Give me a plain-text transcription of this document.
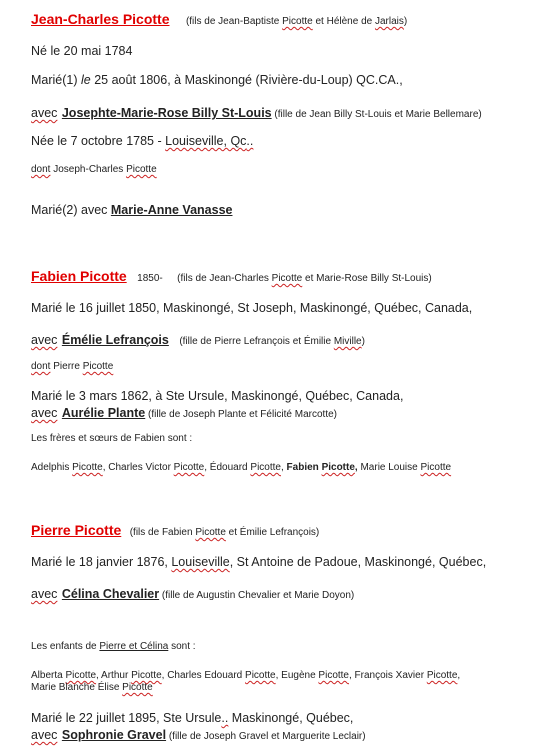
Jean-Charles Picotte (fils de Jean-Baptiste Picotte et Hélène de Jarlais)
Né le 20 mai 1784
Marié(1) le 25 août 1806, à Maskinongé (Rivière-du-Loup) QC.CA.,
avec Josephte-Marie-Rose Billy St-Louis (fille de Jean Billy St-Louis et Marie Bellemare)
Née le 7 octobre 1785 - Louiseville, Qc..
dont Joseph-Charles Picotte
Marié(2) avec Marie-Anne Vanasse
Fabien Picotte 1850- (fils de Jean-Charles Picotte et Marie-Rose Billy St-Louis)
Marié le 16 juillet 1850, Maskinongé, St Joseph, Maskinongé, Québec, Canada,
avec Émélie Lefrançois (fille de Pierre Lefrançois et Émilie Miville)
dont Pierre Picotte
Marié le 3 mars 1862, à Ste Ursule, Maskinongé, Québec, Canada,
avec Aurélie Plante (fille de Joseph Plante et Félicité Marcotte)
Les frères et sœurs de Fabien sont :
Adelphis Picotte, Charles Victor Picotte, Édouard Picotte, Fabien Picotte, Marie Louise Picotte
Pierre Picotte (fils de Fabien Picotte et Émilie Lefrançois)
Marié le 18 janvier 1876, Louiseville, St Antoine de Padoue, Maskinongé, Québec,
avec Célina Chevalier (fille de Augustin Chevalier et Marie Doyon)
Les enfants de Pierre et Célina sont :
Alberta Picotte, Arthur Picotte, Charles Edouard Picotte, Eugène Picotte, François Xavier Picotte,
Marie Blanche Élise Picotte
Marié le 22 juillet 1895, Ste Ursule.. Maskinongé, Québec,
avec Sophronie Gravel (fille de Joseph Gravel et Marguerite Leclair)
